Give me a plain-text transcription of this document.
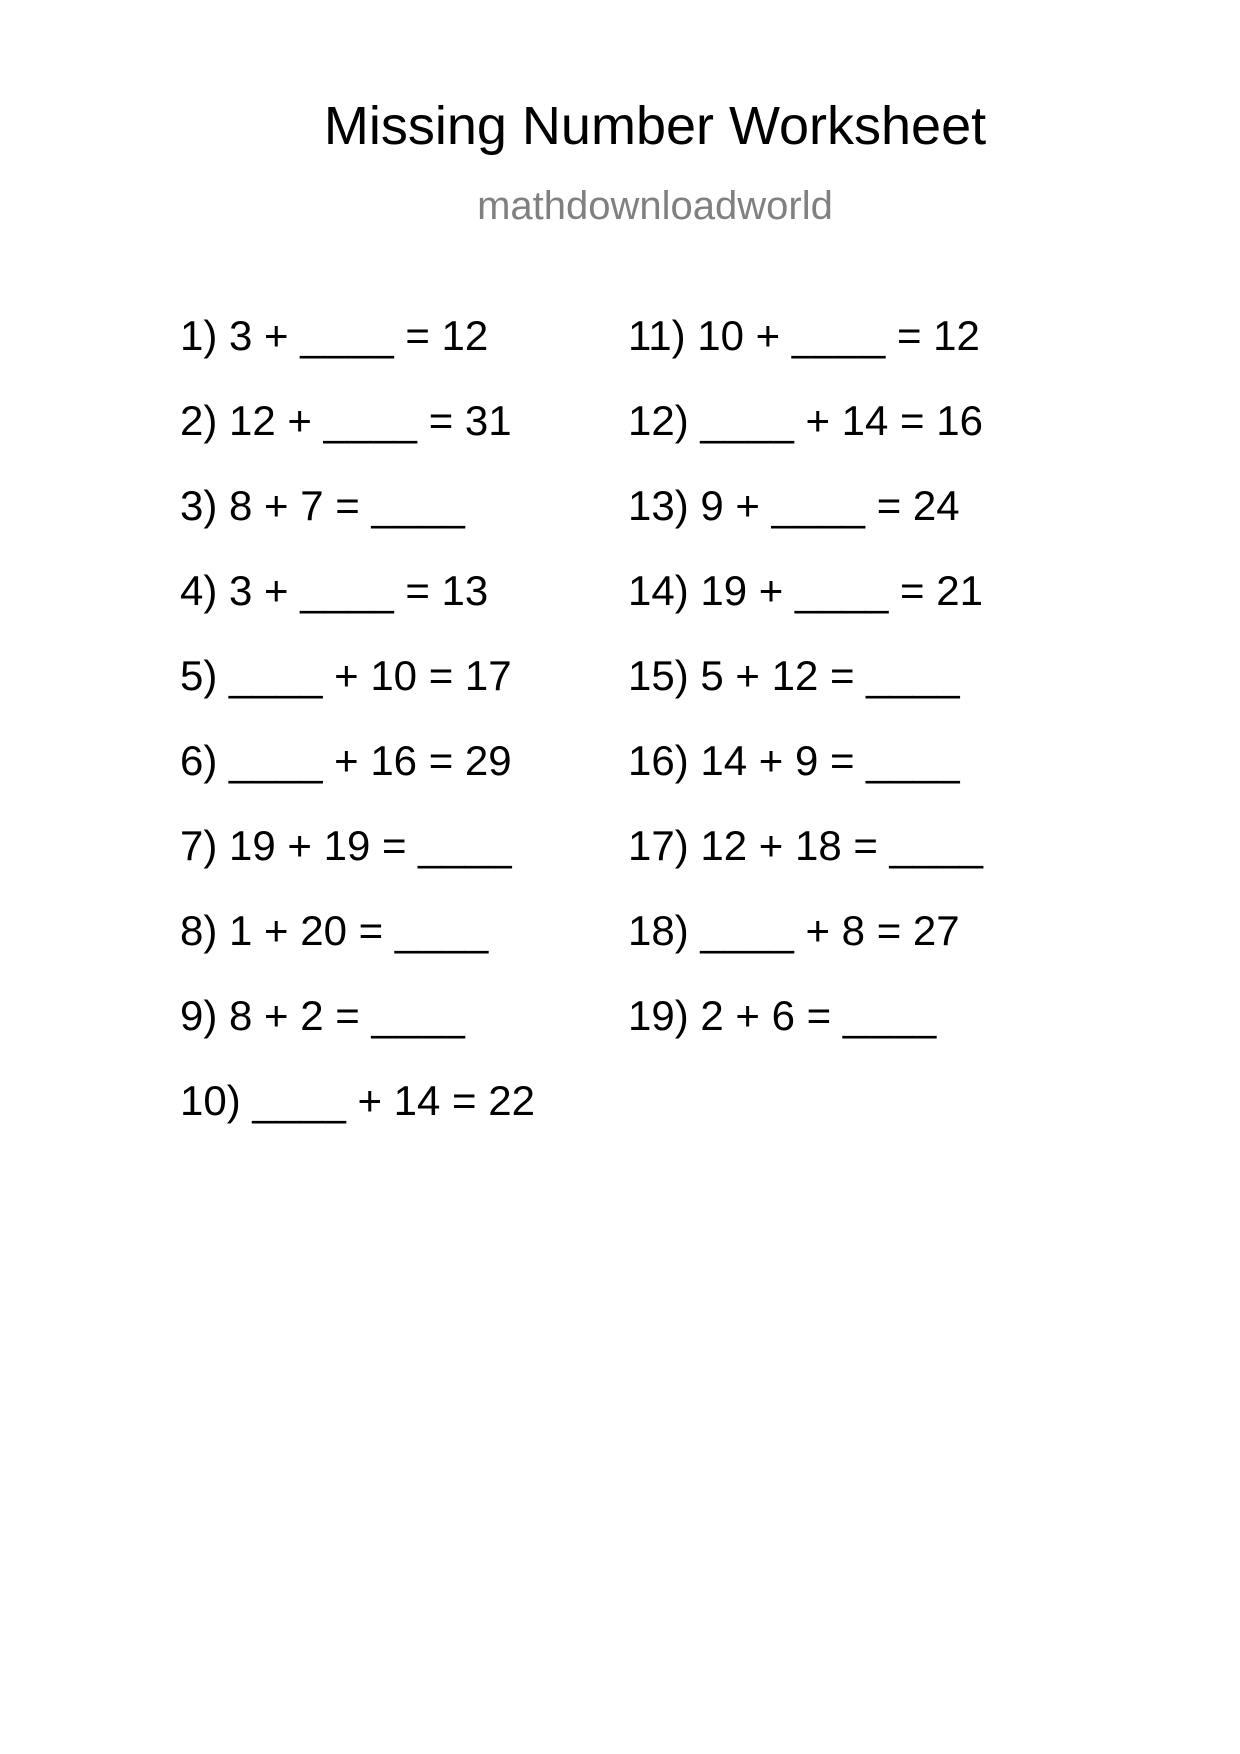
Missing Number Worksheet
mathdownloadworld
1) 3 + ____ = 12
2) 12 + ____ = 31
3) 8 + 7 = ____
4) 3 + ____ = 13
5) ____ + 10 = 17
6) ____ + 16 = 29
7) 19 + 19 = ____
8) 1 + 20 = ____
9) 8 + 2 = ____
10) ____ + 14 = 22
11) 10 + ____ = 12
12) ____ + 14 = 16
13) 9 + ____ = 24
14) 19 + ____ = 21
15) 5 + 12 = ____
16) 14 + 9 = ____
17) 12 + 18 = ____
18) ____ + 8 = 27
19) 2 + 6 = ____
